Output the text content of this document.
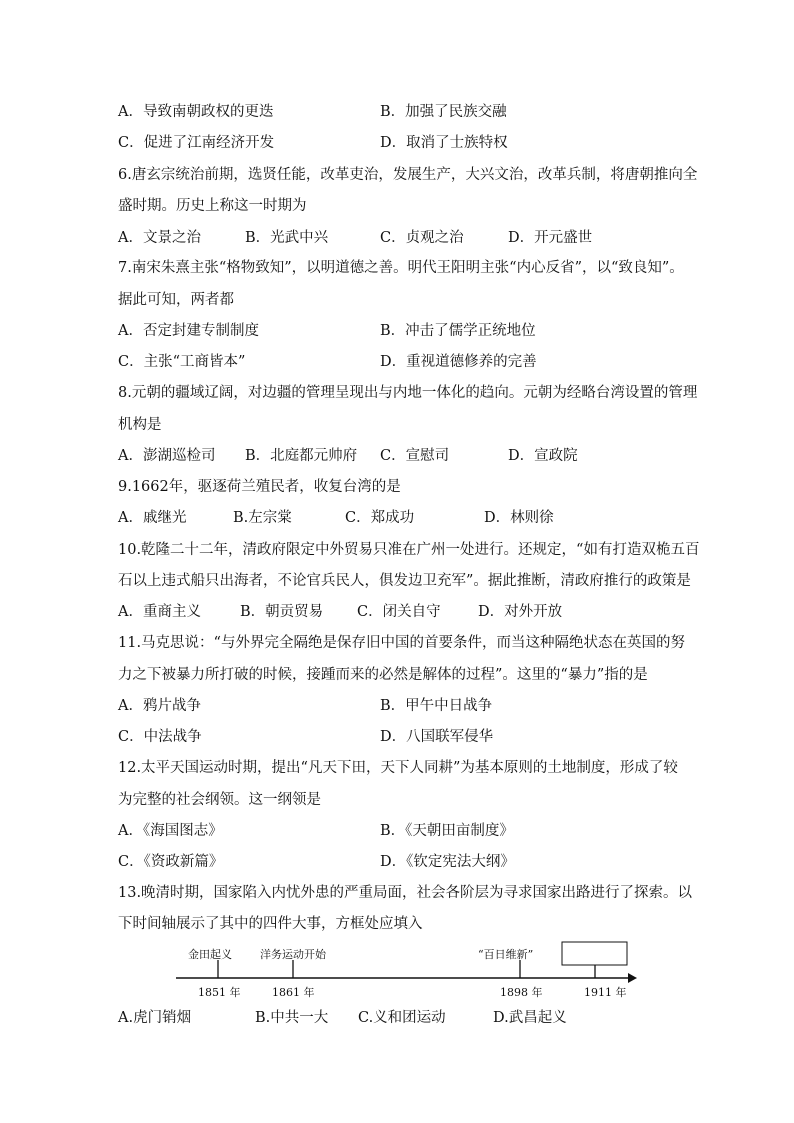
A．导致南朝政权的更迭	B．加强了民族交融
C．促进了江南经济开发	D．取消了士族特权
6.唐玄宗统治前期，选贤任能，改革吏治，发展生产，大兴文治，改革兵制，将唐朝推向全
盛时期。历史上称这一时期为
A．文景之治	B．光武中兴	C．贞观之治	D．开元盛世
7.南宋朱熹主张“格物致知”，以明道德之善。明代王阳明主张“内心反省”，以“致良知”。
据此可知，两者都
A．否定封建专制制度	B．冲击了儒学正统地位
C．主张“工商皆本”	D．重视道德修养的完善
8.元朝的疆域辽阔，对边疆的管理呈现出与内地一体化的趋向。元朝为经略台湾设置的管理
机构是
A．澎湖巡检司 B．北庭都元帅府 C．宣慰司	D．宣政院
9.1662年，驱逐荷兰殖民者，收复台湾的是
A．戚继光	B.左宗棠	C．郑成功	D．林则徐
10.乾隆二十二年，清政府限定中外贸易只准在广州一处进行。还规定，“如有打造双桅五百
石以上违式船只出海者，不论官兵民人，俱发边卫充军”。据此推断，清政府推行的政策是
A．重商主义	B．朝贡贸易 C．闭关自守	D．对外开放
11.马克思说：“与外界完全隔绝是保存旧中国的首要条件，而当这种隔绝状态在英国的努
力之下被暴力所打破的时候，接踵而来的必然是解体的过程”。这里的“暴力”指的是
A．鸦片战争	B．甲午中日战争
C．中法战争	D．八国联军侵华
12.太平天国运动时期，提出“凡天下田，天下人同耕”为基本原则的土地制度，形成了较
为完整的社会纲领。这一纲领是
A．《海国图志》	B．《天朝田亩制度》
C．《资政新篇》	D．《钦定宪法大纲》
13.晚清时期，国家陷入内忧外患的严重局面，社会各阶层为寻求国家出路进行了探索。以
下时间轴展示了其中的四件大事，方框处应填入
金田起义	洋务运动开始	“百日维新”
1851 年	1861 年	1898 年	1911 年
A.虎门销烟	B.中共一大 C.义和团运动	D.武昌起义
